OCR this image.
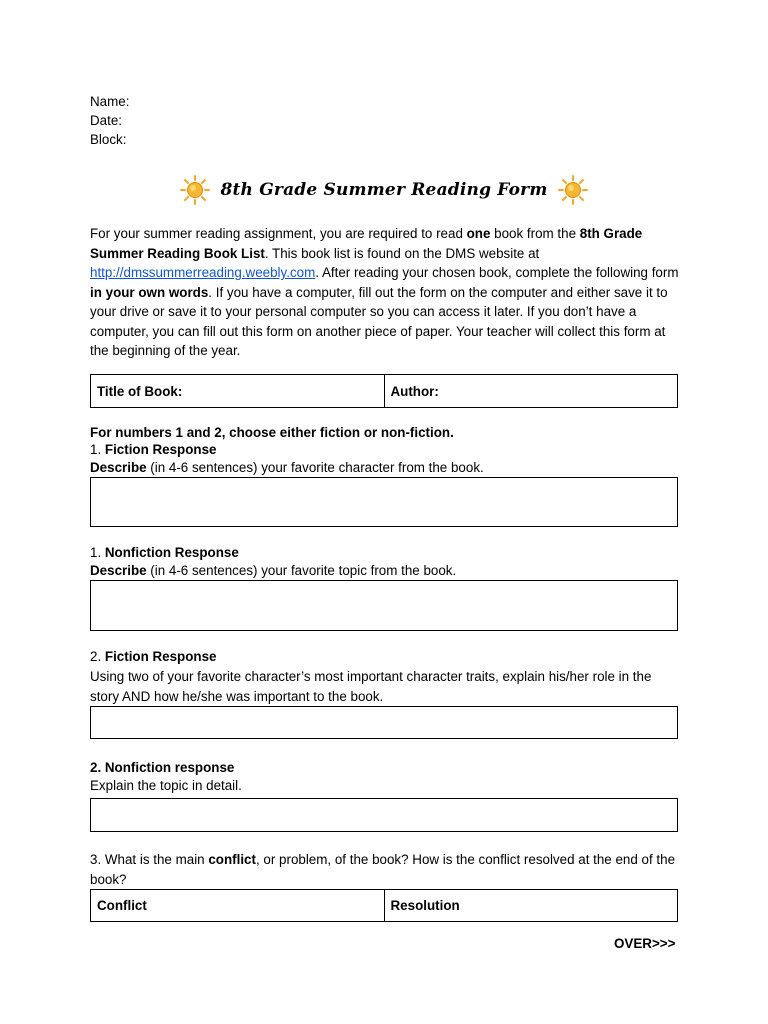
Name:
Date:
Block:
8th Grade Summer Reading Form
For your summer reading assignment, you are required to read one book from the 8th Grade Summer Reading Book List. This book list is found on the DMS website at http://dmssummerreading.weebly.com. After reading your chosen book, complete the following form in your own words. If you have a computer, fill out the form on the computer and either save it to your drive or save it to your personal computer so you can access it later. If you don’t have a computer, you can fill out this form on another piece of paper. Your teacher will collect this form at the beginning of the year.
Title of Book:	Author:
For numbers 1 and 2, choose either fiction or non-fiction.
1. Fiction Response
Describe (in 4-6 sentences) your favorite character from the book.
1. Nonfiction Response
Describe (in 4-6 sentences) your favorite topic from the book.
2. Fiction Response
Using two of your favorite character’s most important character traits, explain his/her role in the story AND how he/she was important to the book.
2. Nonfiction response
Explain the topic in detail.
3. What is the main conflict, or problem, of the book? How is the conflict resolved at the end of the book?
Conflict	Resolution
OVER>>>
